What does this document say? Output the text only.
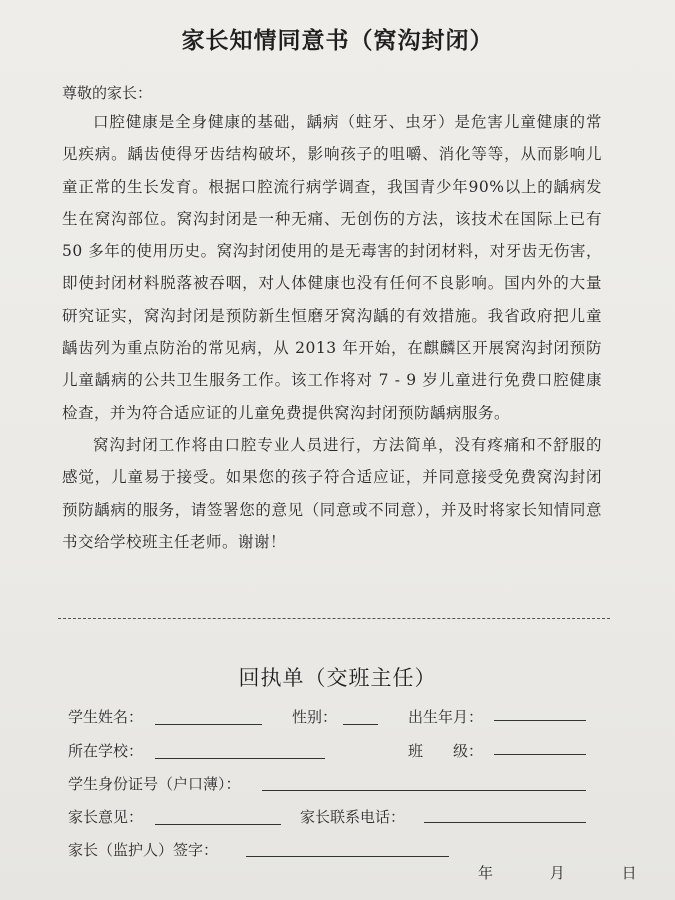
家长知情同意书（窝沟封闭）
尊敬的家长：

口腔健康是全身健康的基础，龋病（蛀牙、虫牙）是危害儿童健康的常见疾病。龋齿使得牙齿结构破坏，影响孩子的咀嚼、消化等等，从而影响儿童正常的生长发育。根据口腔流行病学调查，我国青少年90%以上的龋病发生在窝沟部位。窝沟封闭是一种无痛、无创伤的方法，该技术在国际上已有 50 多年的使用历史。窝沟封闭使用的是无毒害的封闭材料，对牙齿无伤害，即使封闭材料脱落被吞咽，对人体健康也没有任何不良影响。国内外的大量研究证实，窝沟封闭是预防新生恒磨牙窝沟龋的有效措施。我省政府把儿童龋齿列为重点防治的常见病，从 2013 年开始，在麒麟区开展窝沟封闭预防儿童龋病的公共卫生服务工作。该工作将对 7 - 9 岁儿童进行免费口腔健康检查，并为符合适应证的儿童免费提供窝沟封闭预防龋病服务。

窝沟封闭工作将由口腔专业人员进行，方法简单，没有疼痛和不舒服的感觉，儿童易于接受。如果您的孩子符合适应证，并同意接受免费窝沟封闭预防龋病的服务，请签署您的意见（同意或不同意），并及时将家长知情同意书交给学校班主任老师。谢谢！

回执单（交班主任）
学生姓名：	性别：	出生年月：
所在学校：	班　　级：
学生身份证号（户口薄）：
家长意见：	家长联系电话：
家长（监护人）签字：
年	月	日
